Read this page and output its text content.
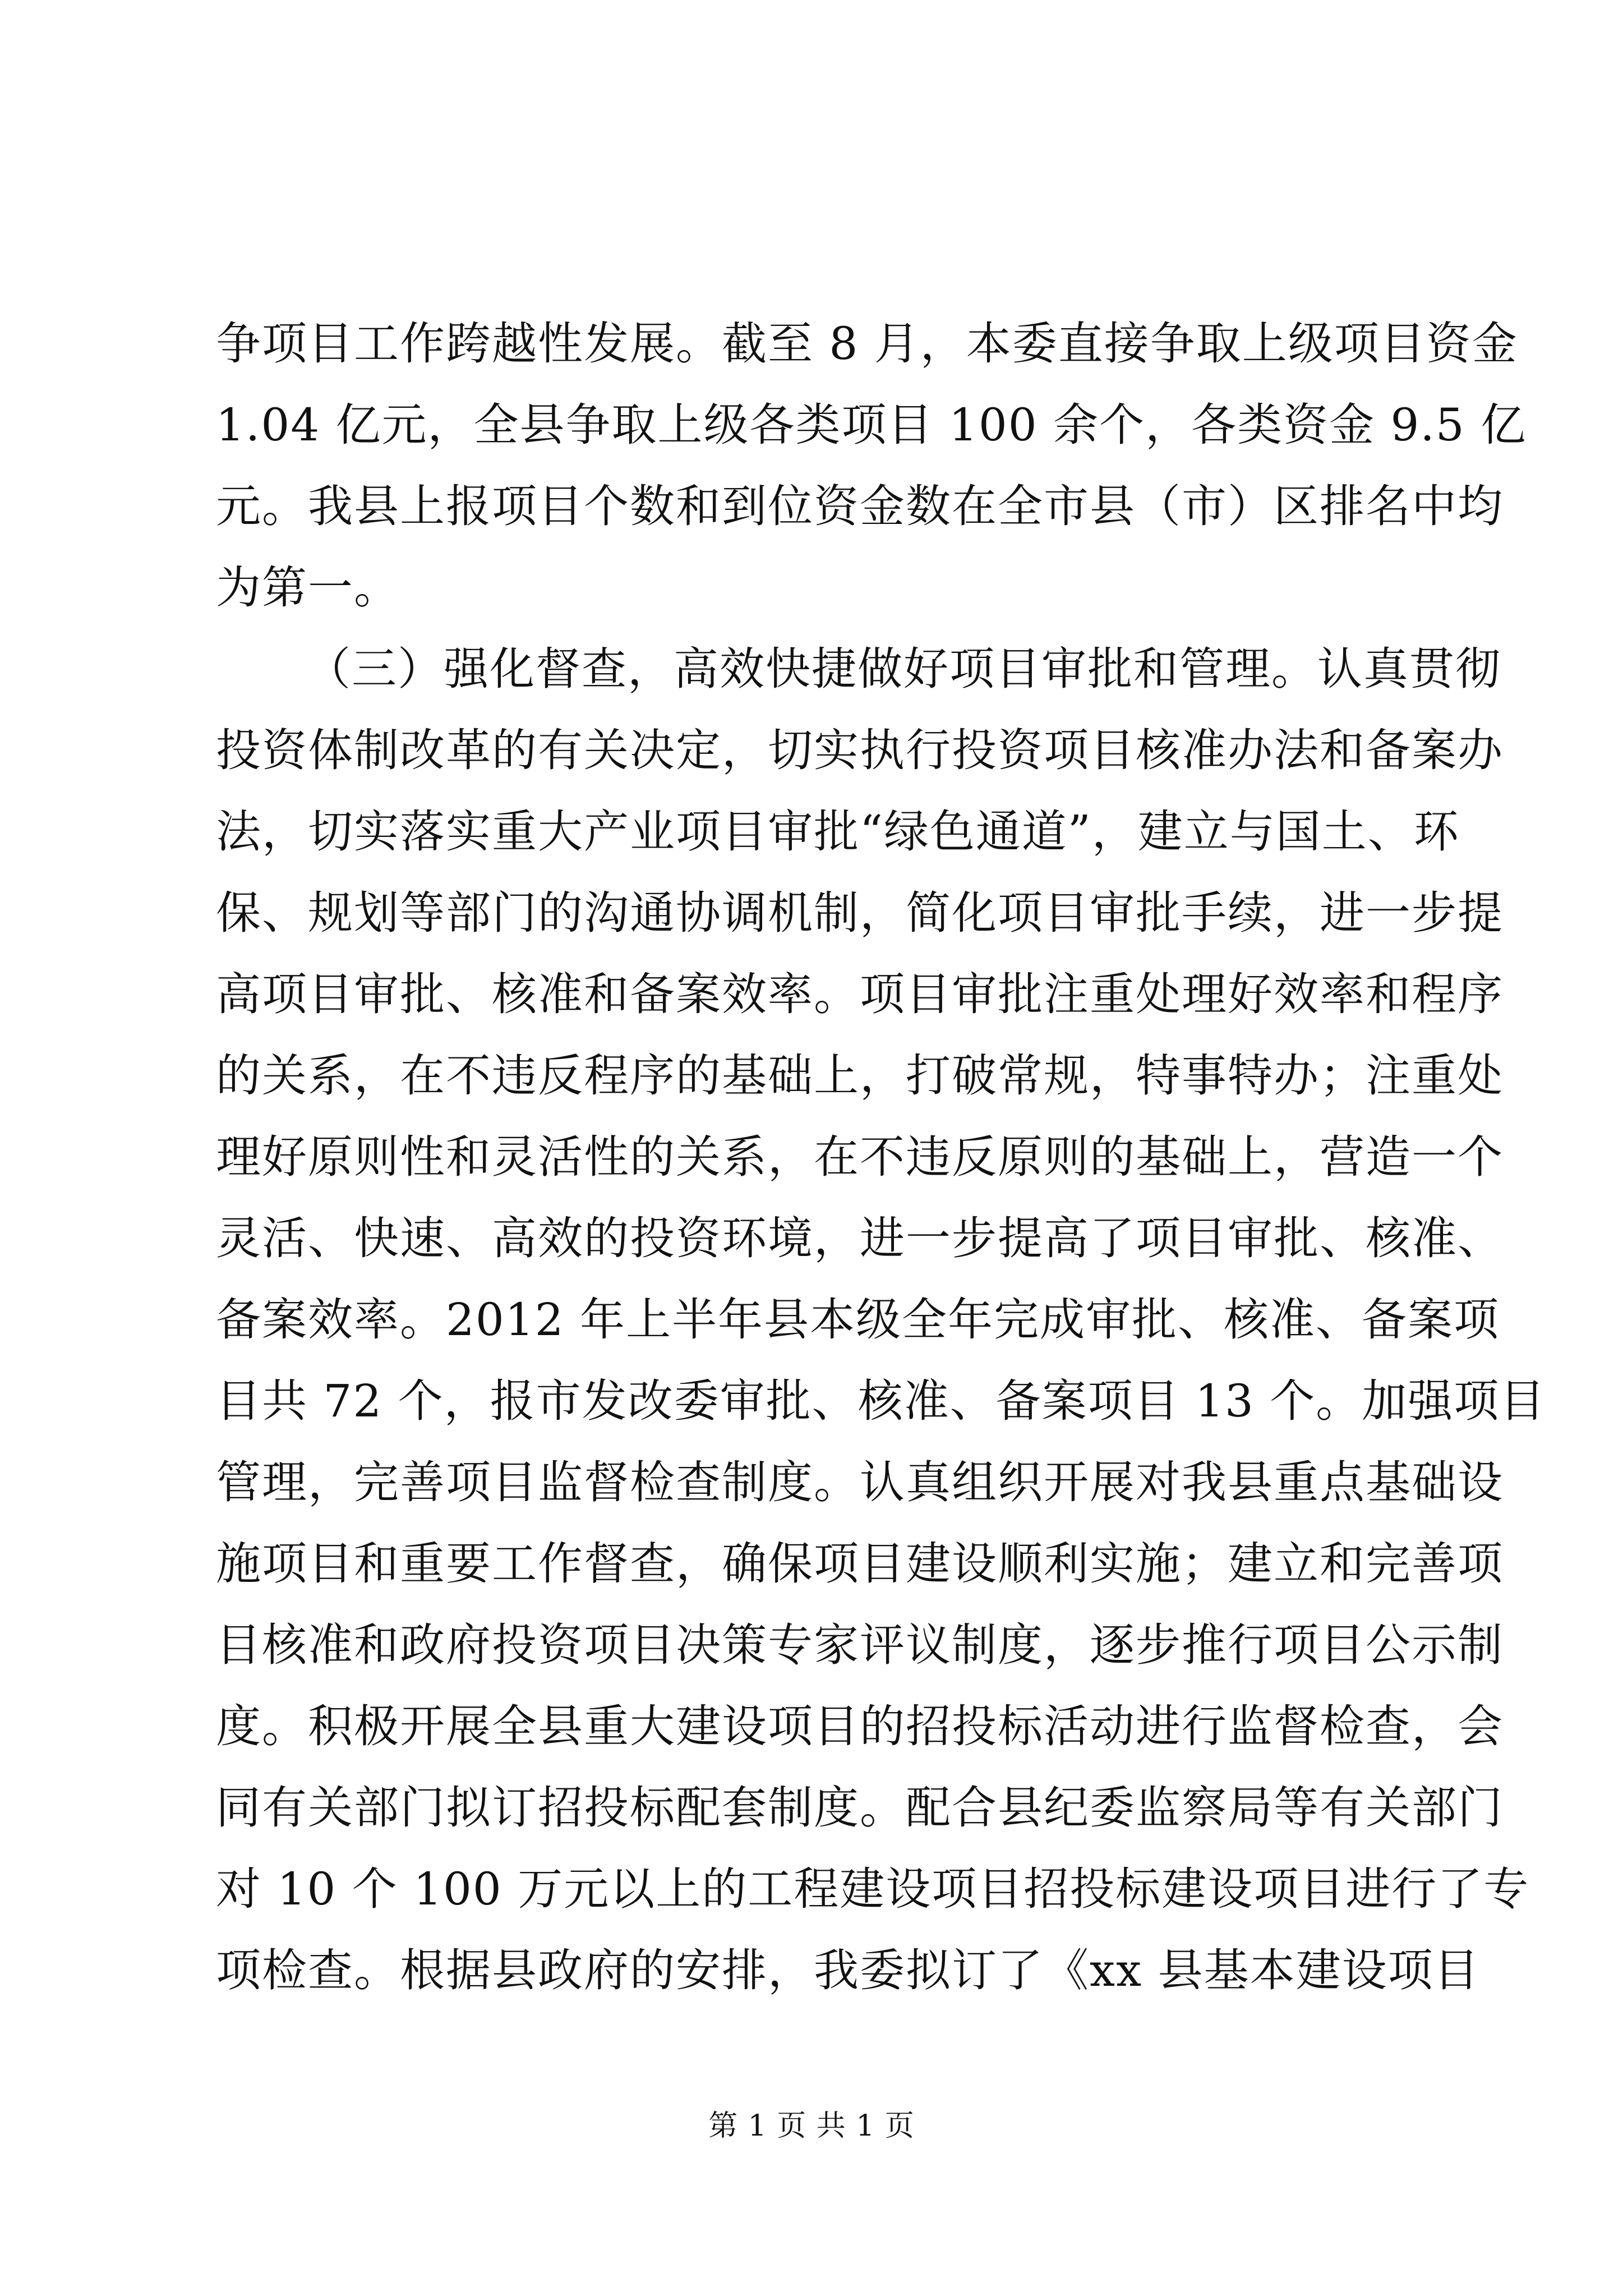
争项目工作跨越性发展。截至 8 月，本委直接争取上级项目资金
1.04 亿元，全县争取上级各类项目 100 余个，各类资金 9.5 亿
元。我县上报项目个数和到位资金数在全市县（市）区排名中均
为第一。
（三）强化督查，高效快捷做好项目审批和管理。认真贯彻
投资体制改革的有关决定，切实执行投资项目核准办法和备案办
法，切实落实重大产业项目审批“绿色通道”，建立与国土、环
保、规划等部门的沟通协调机制，简化项目审批手续，进一步提
高项目审批、核准和备案效率。项目审批注重处理好效率和程序
的关系，在不违反程序的基础上，打破常规，特事特办；注重处
理好原则性和灵活性的关系，在不违反原则的基础上，营造一个
灵活、快速、高效的投资环境，进一步提高了项目审批、核准、
备案效率。2012 年上半年县本级全年完成审批、核准、备案项
目共 72 个，报市发改委审批、核准、备案项目 13 个。加强项目
管理，完善项目监督检查制度。认真组织开展对我县重点基础设
施项目和重要工作督查，确保项目建设顺利实施；建立和完善项
目核准和政府投资项目决策专家评议制度，逐步推行项目公示制
度。积极开展全县重大建设项目的招投标活动进行监督检查，会
同有关部门拟订招投标配套制度。配合县纪委监察局等有关部门
对 10 个 100 万元以上的工程建设项目招投标建设项目进行了专
项检查。根据县政府的安排，我委拟订了《xx 县基本建设项目
第 1 页 共 1 页
